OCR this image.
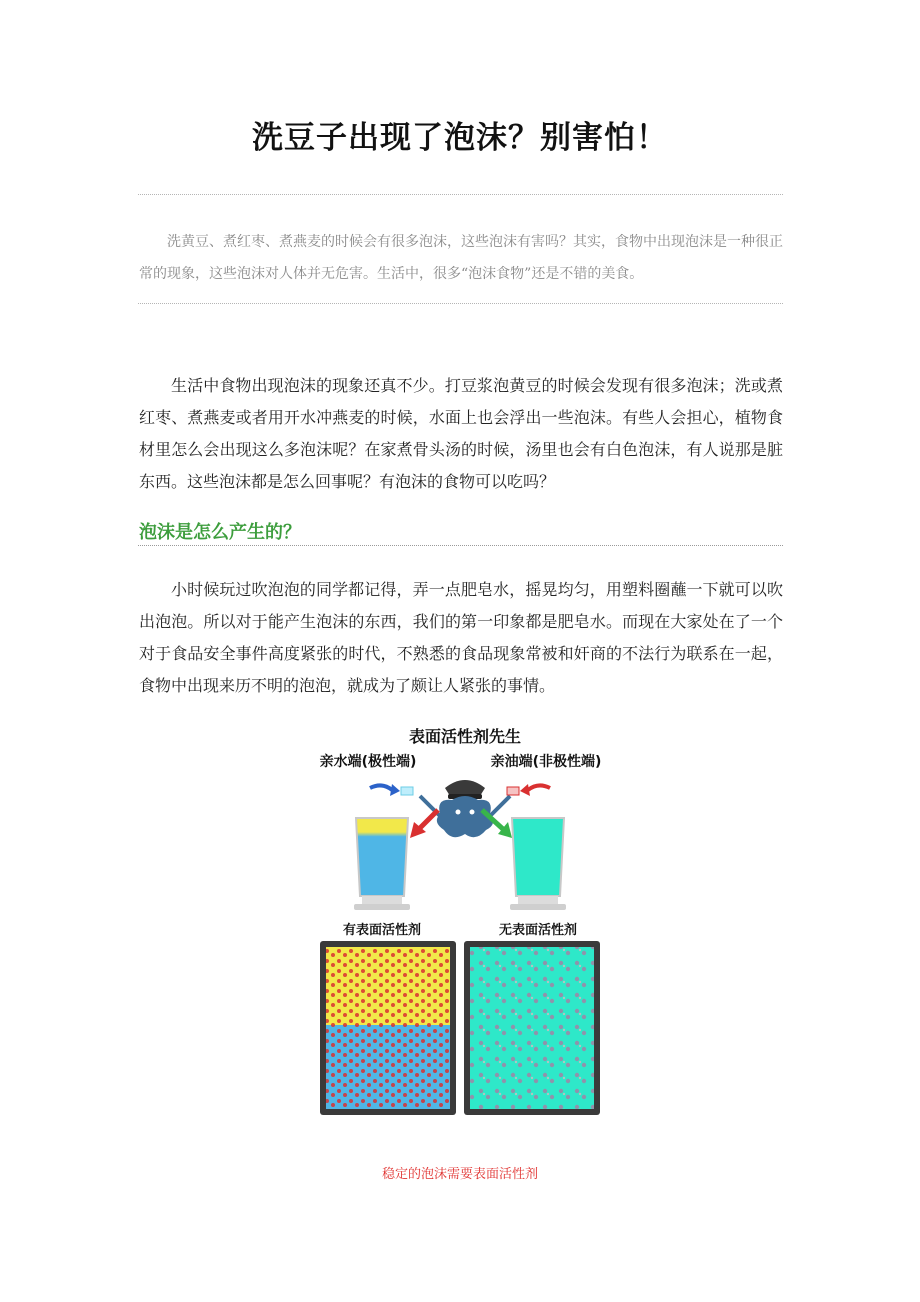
洗豆子出现了泡沫？别害怕！
洗黄豆、煮红枣、煮燕麦的时候会有很多泡沫，这些泡沫有害吗？其实，食物中出现泡沫是一种很正常的现象，这些泡沫对人体并无危害。生活中，很多“泡沫食物”还是不错的美食。
生活中食物出现泡沫的现象还真不少。打豆浆泡黄豆的时候会发现有很多泡沫；洗或煮红枣、煮燕麦或者用开水冲燕麦的时候，水面上也会浮出一些泡沫。有些人会担心，植物食材里怎么会出现这么多泡沫呢？在家煮骨头汤的时候，汤里也会有白色泡沫，有人说那是脏东西。这些泡沫都是怎么回事呢？有泡沫的食物可以吃吗？
泡沫是怎么产生的？
小时候玩过吹泡泡的同学都记得，弄一点肥皂水，摇晃均匀，用塑料圈蘸一下就可以吹出泡泡。所以对于能产生泡沫的东西，我们的第一印象都是肥皂水。而现在大家处在了一个对于食品安全事件高度紧张的时代，不熟悉的食品现象常被和奸商的不法行为联系在一起，食物中出现来历不明的泡泡，就成为了颇让人紧张的事情。
表面活性剂先生
亲水端(极性端)	亲油端(非极性端)
有表面活性剂	无表面活性剂
稳定的泡沫需要表面活性剂
